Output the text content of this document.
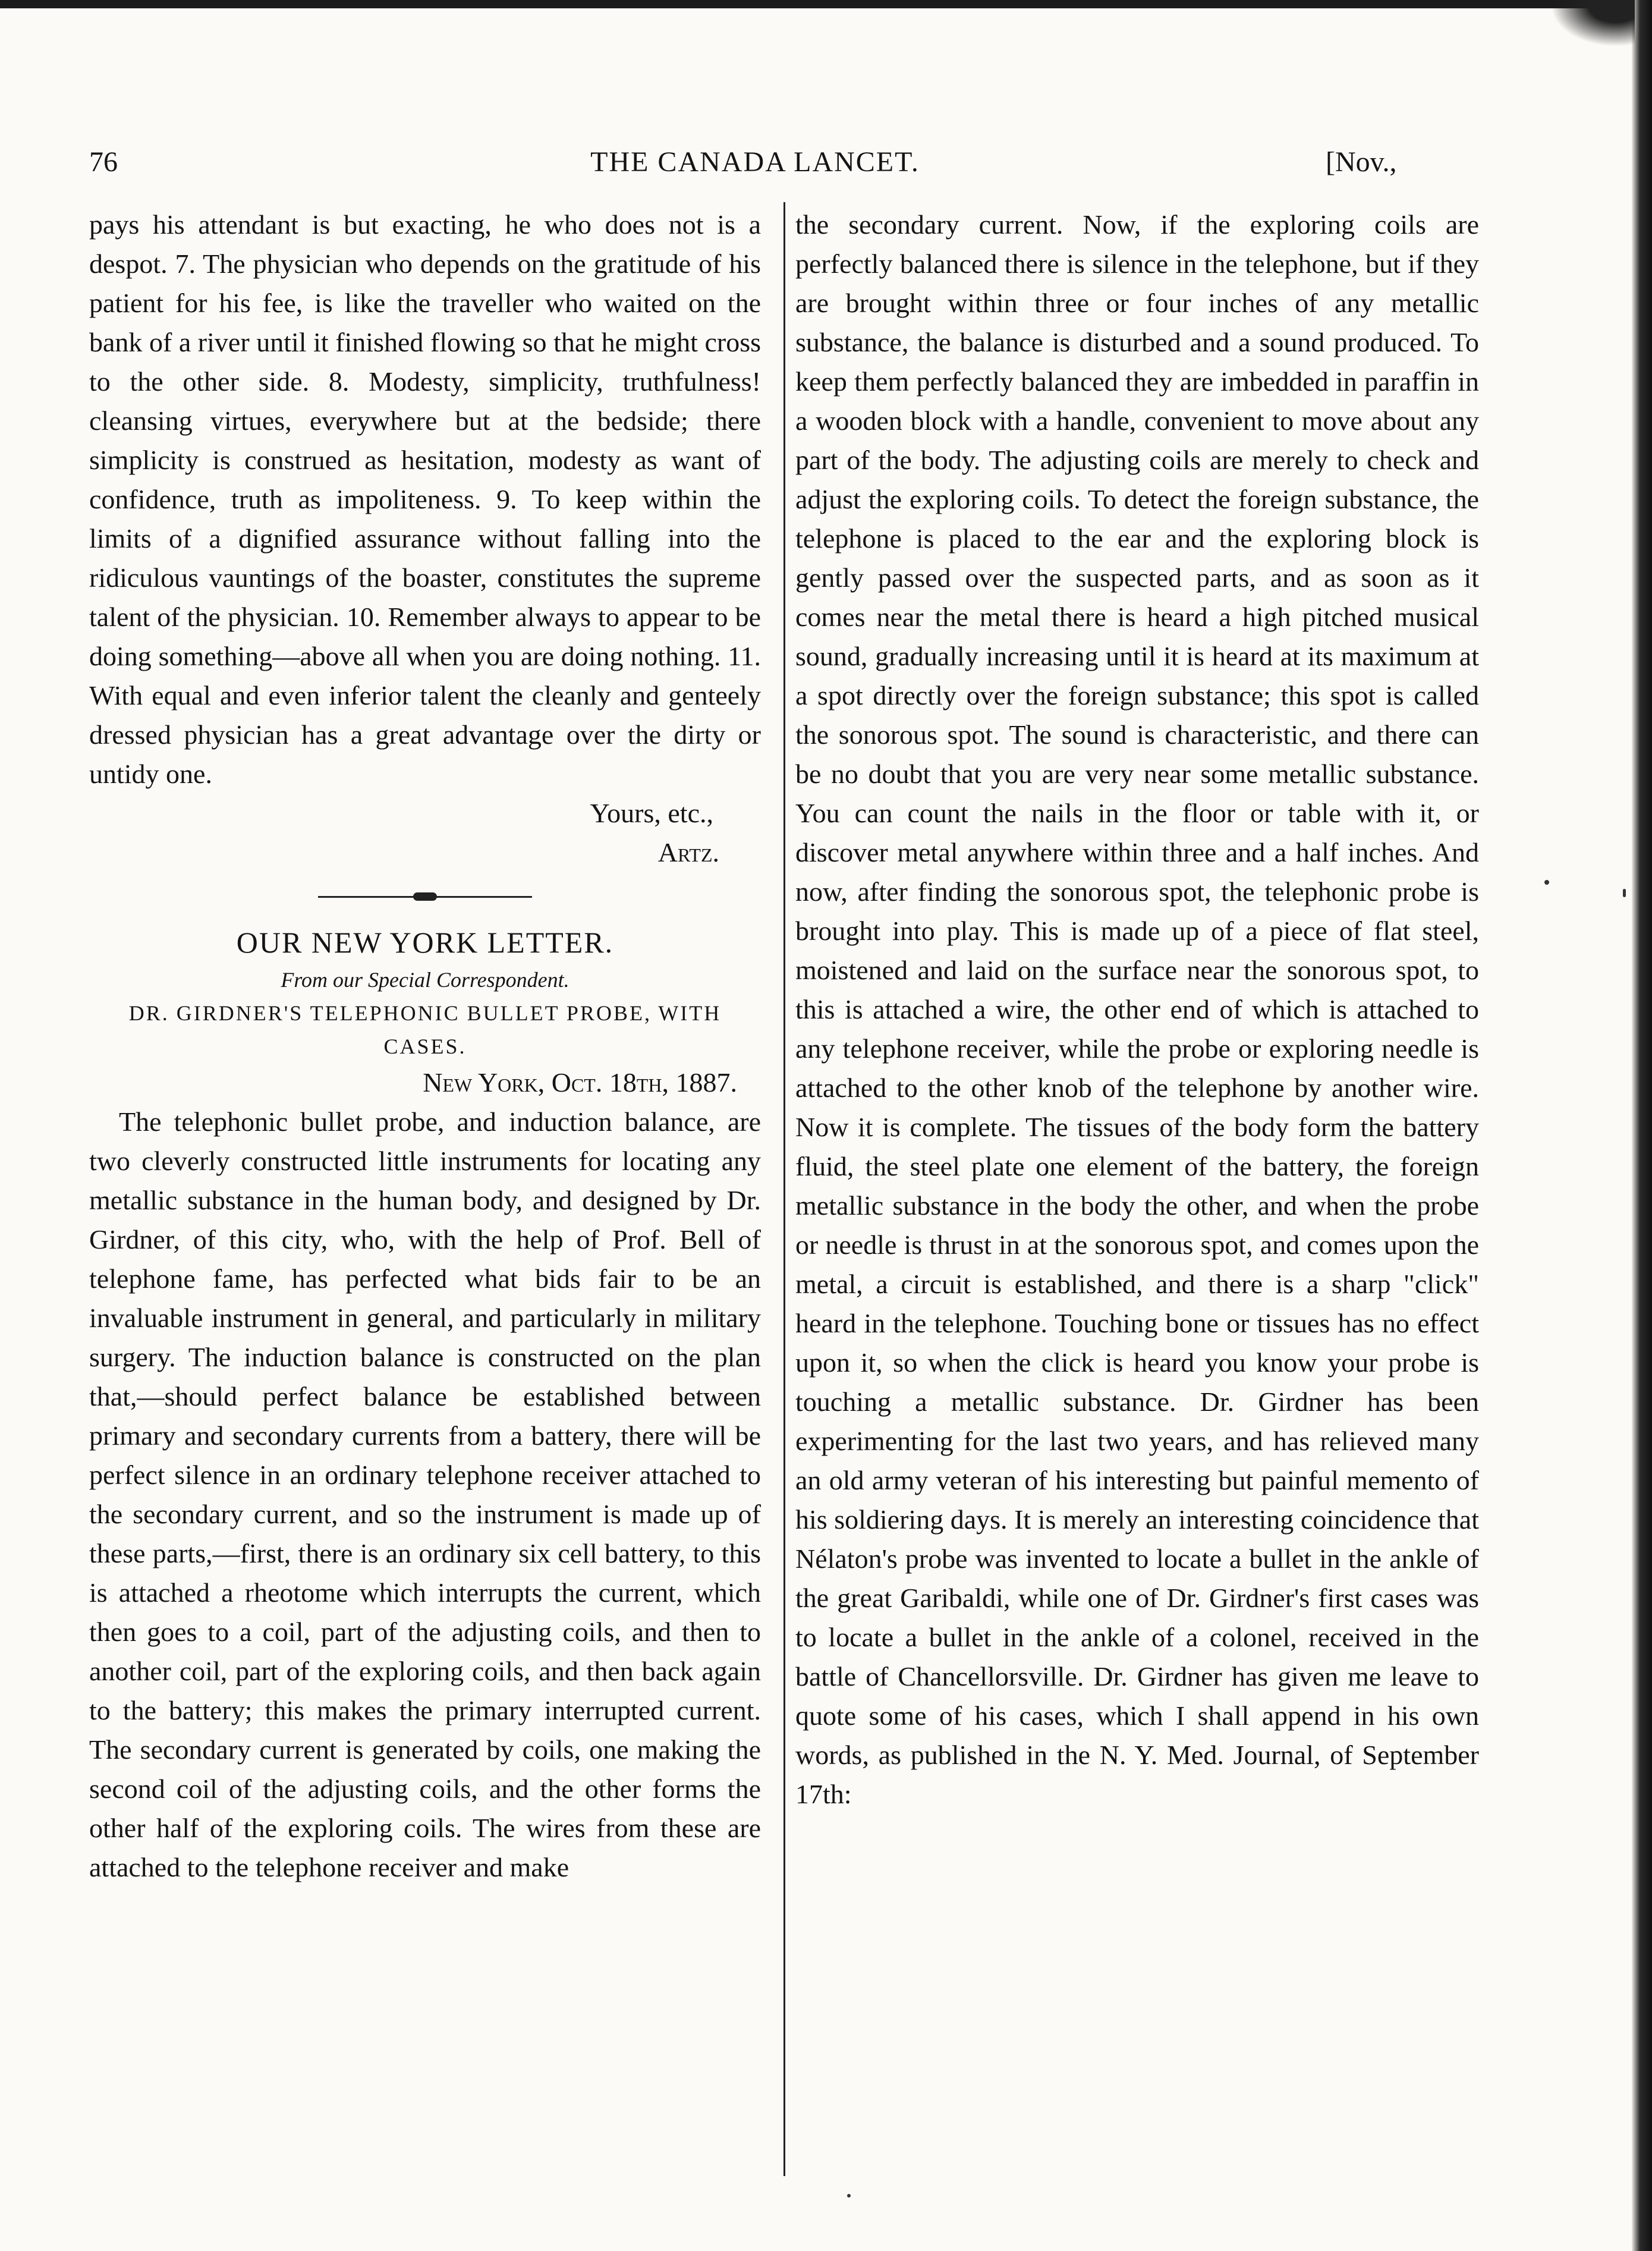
76	THE CANADA LANCET.	[Nov.,

pays his attendant is but exacting, he who does not is a despot. 7. The physician who depends on the gratitude of his patient for his fee, is like the traveller who waited on the bank of a river until it finished flowing so that he might cross to the other side. 8. Modesty, simplicity, truthfulness! cleansing virtues, everywhere but at the bedside; there simplicity is construed as hesitation, modesty as want of confidence, truth as impoliteness. 9. To keep within the limits of a dignified assurance without falling into the ridiculous vauntings of the boaster, constitutes the supreme talent of the physician. 10. Remember always to appear to be doing something—above all when you are doing nothing. 11. With equal and even inferior talent the cleanly and genteely dressed physician has a great advantage over the dirty or untidy one.

Yours, etc.,

Artz.

OUR NEW YORK LETTER.

From our Special Correspondent.

DR. GIRDNER'S TELEPHONIC BULLET PROBE, WITH CASES.

New York, Oct. 18th, 1887.

The telephonic bullet probe, and induction balance, are two cleverly constructed little instruments for locating any metallic substance in the human body, and designed by Dr. Girdner, of this city, who, with the help of Prof. Bell of telephone fame, has perfected what bids fair to be an invaluable instrument in general, and particularly in military surgery. The induction balance is constructed on the plan that,—should perfect balance be established between primary and secondary currents from a battery, there will be perfect silence in an ordinary telephone receiver attached to the secondary current, and so the instrument is made up of these parts,—first, there is an ordinary six cell battery, to this is attached a rheotome which interrupts the current, which then goes to a coil, part of the adjusting coils, and then to another coil, part of the exploring coils, and then back again to the battery; this makes the primary interrupted current. The secondary current is generated by coils, one making the second coil of the adjusting coils, and the other forms the other half of the exploring coils. The wires from these are attached to the telephone receiver and make

the secondary current. Now, if the exploring coils are perfectly balanced there is silence in the telephone, but if they are brought within three or four inches of any metallic substance, the balance is disturbed and a sound produced. To keep them perfectly balanced they are imbedded in paraffin in a wooden block with a handle, convenient to move about any part of the body. The adjusting coils are merely to check and adjust the exploring coils. To detect the foreign substance, the telephone is placed to the ear and the exploring block is gently passed over the suspected parts, and as soon as it comes near the metal there is heard a high pitched musical sound, gradually increasing until it is heard at its maximum at a spot directly over the foreign substance; this spot is called the sonorous spot. The sound is characteristic, and there can be no doubt that you are very near some metallic substance. You can count the nails in the floor or table with it, or discover metal anywhere within three and a half inches. And now, after finding the sonorous spot, the telephonic probe is brought into play. This is made up of a piece of flat steel, moistened and laid on the surface near the sonorous spot, to this is attached a wire, the other end of which is attached to any telephone receiver, while the probe or exploring needle is attached to the other knob of the telephone by another wire. Now it is complete. The tissues of the body form the battery fluid, the steel plate one element of the battery, the foreign metallic substance in the body the other, and when the probe or needle is thrust in at the sonorous spot, and comes upon the metal, a circuit is established, and there is a sharp "click" heard in the telephone. Touching bone or tissues has no effect upon it, so when the click is heard you know your probe is touching a metallic substance. Dr. Girdner has been experimenting for the last two years, and has relieved many an old army veteran of his interesting but painful memento of his soldiering days. It is merely an interesting coincidence that Nélaton's probe was invented to locate a bullet in the ankle of the great Garibaldi, while one of Dr. Girdner's first cases was to locate a bullet in the ankle of a colonel, received in the battle of Chancellorsville. Dr. Girdner has given me leave to quote some of his cases, which I shall append in his own words, as published in the N. Y. Med. Journal, of September 17th:
